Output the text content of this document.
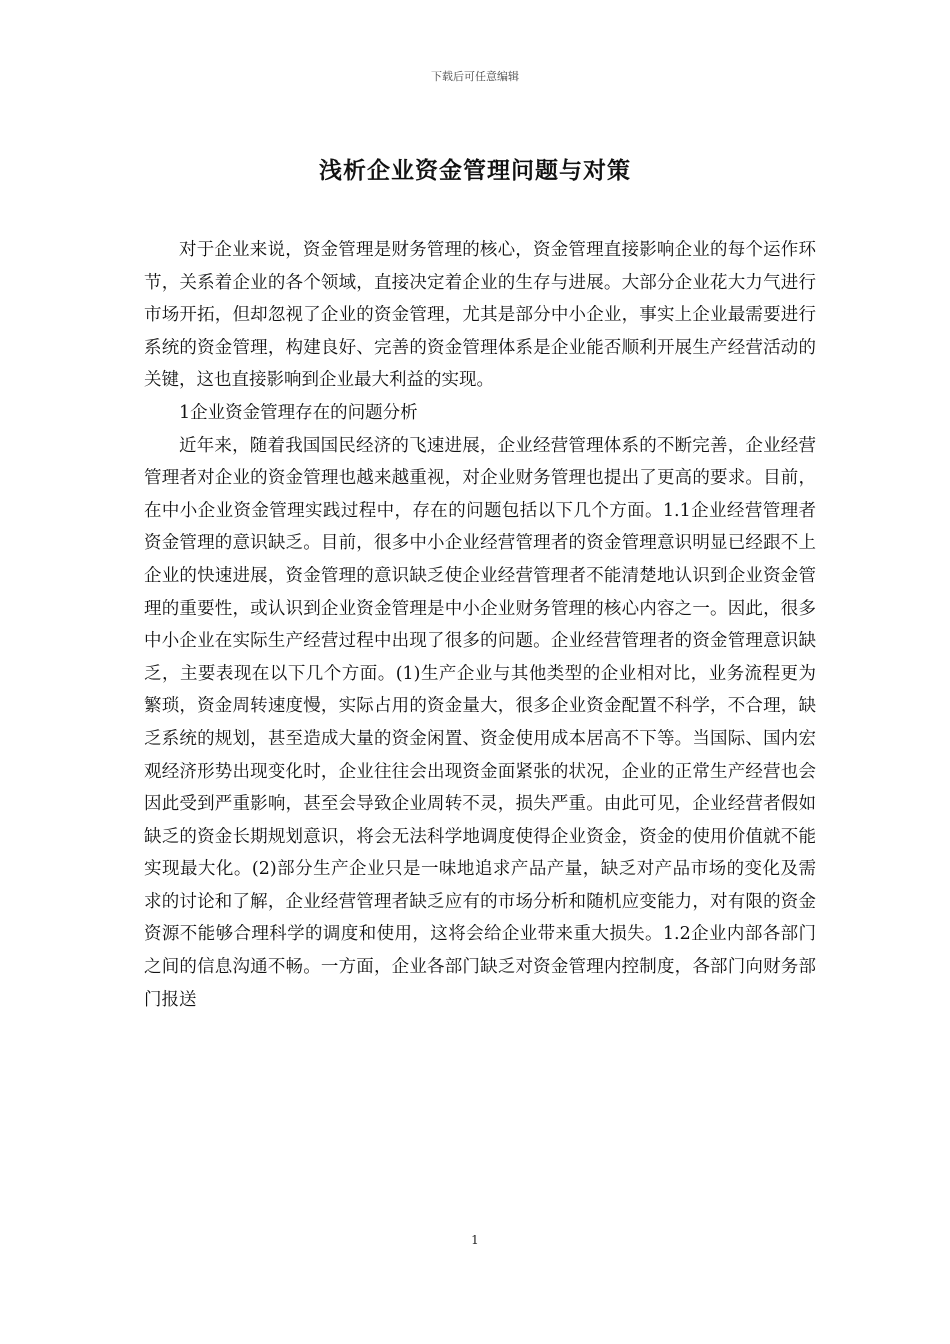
下载后可任意编辑
浅析企业资金管理问题与对策

对于企业来说，资金管理是财务管理的核心，资金管理直接影响企业的每个运作环节，关系着企业的各个领域，直接决定着企业的生存与进展。大部分企业花大力气进行市场开拓，但却忽视了企业的资金管理，尤其是部分中小企业，事实上企业最需要进行系统的资金管理，构建良好、完善的资金管理体系是企业能否顺利开展生产经营活动的关键，这也直接影响到企业最大利益的实现。

1企业资金管理存在的问题分析

近年来，随着我国国民经济的飞速进展，企业经营管理体系的不断完善，企业经营管理者对企业的资金管理也越来越重视，对企业财务管理也提出了更高的要求。目前，在中小企业资金管理实践过程中，存在的问题包括以下几个方面。1.1企业经营管理者资金管理的意识缺乏。目前，很多中小企业经营管理者的资金管理意识明显已经跟不上企业的快速进展，资金管理的意识缺乏使企业经营管理者不能清楚地认识到企业资金管理的重要性，或认识到企业资金管理是中小企业财务管理的核心内容之一。因此，很多中小企业在实际生产经营过程中出现了很多的问题。企业经营管理者的资金管理意识缺乏，主要表现在以下几个方面。(1)生产企业与其他类型的企业相对比，业务流程更为繁琐，资金周转速度慢，实际占用的资金量大，很多企业资金配置不科学，不合理，缺乏系统的规划，甚至造成大量的资金闲置、资金使用成本居高不下等。当国际、国内宏观经济形势出现变化时，企业往往会出现资金面紧张的状况，企业的正常生产经营也会因此受到严重影响，甚至会导致企业周转不灵，损失严重。由此可见，企业经营者假如缺乏的资金长期规划意识，将会无法科学地调度使得企业资金，资金的使用价值就不能实现最大化。(2)部分生产企业只是一味地追求产品产量，缺乏对产品市场的变化及需求的讨论和了解，企业经营管理者缺乏应有的市场分析和随机应变能力，对有限的资金资源不能够合理科学的调度和使用，这将会给企业带来重大损失。1.2企业内部各部门之间的信息沟通不畅。一方面，企业各部门缺乏对资金管理内控制度，各部门向财务部门报送

1
